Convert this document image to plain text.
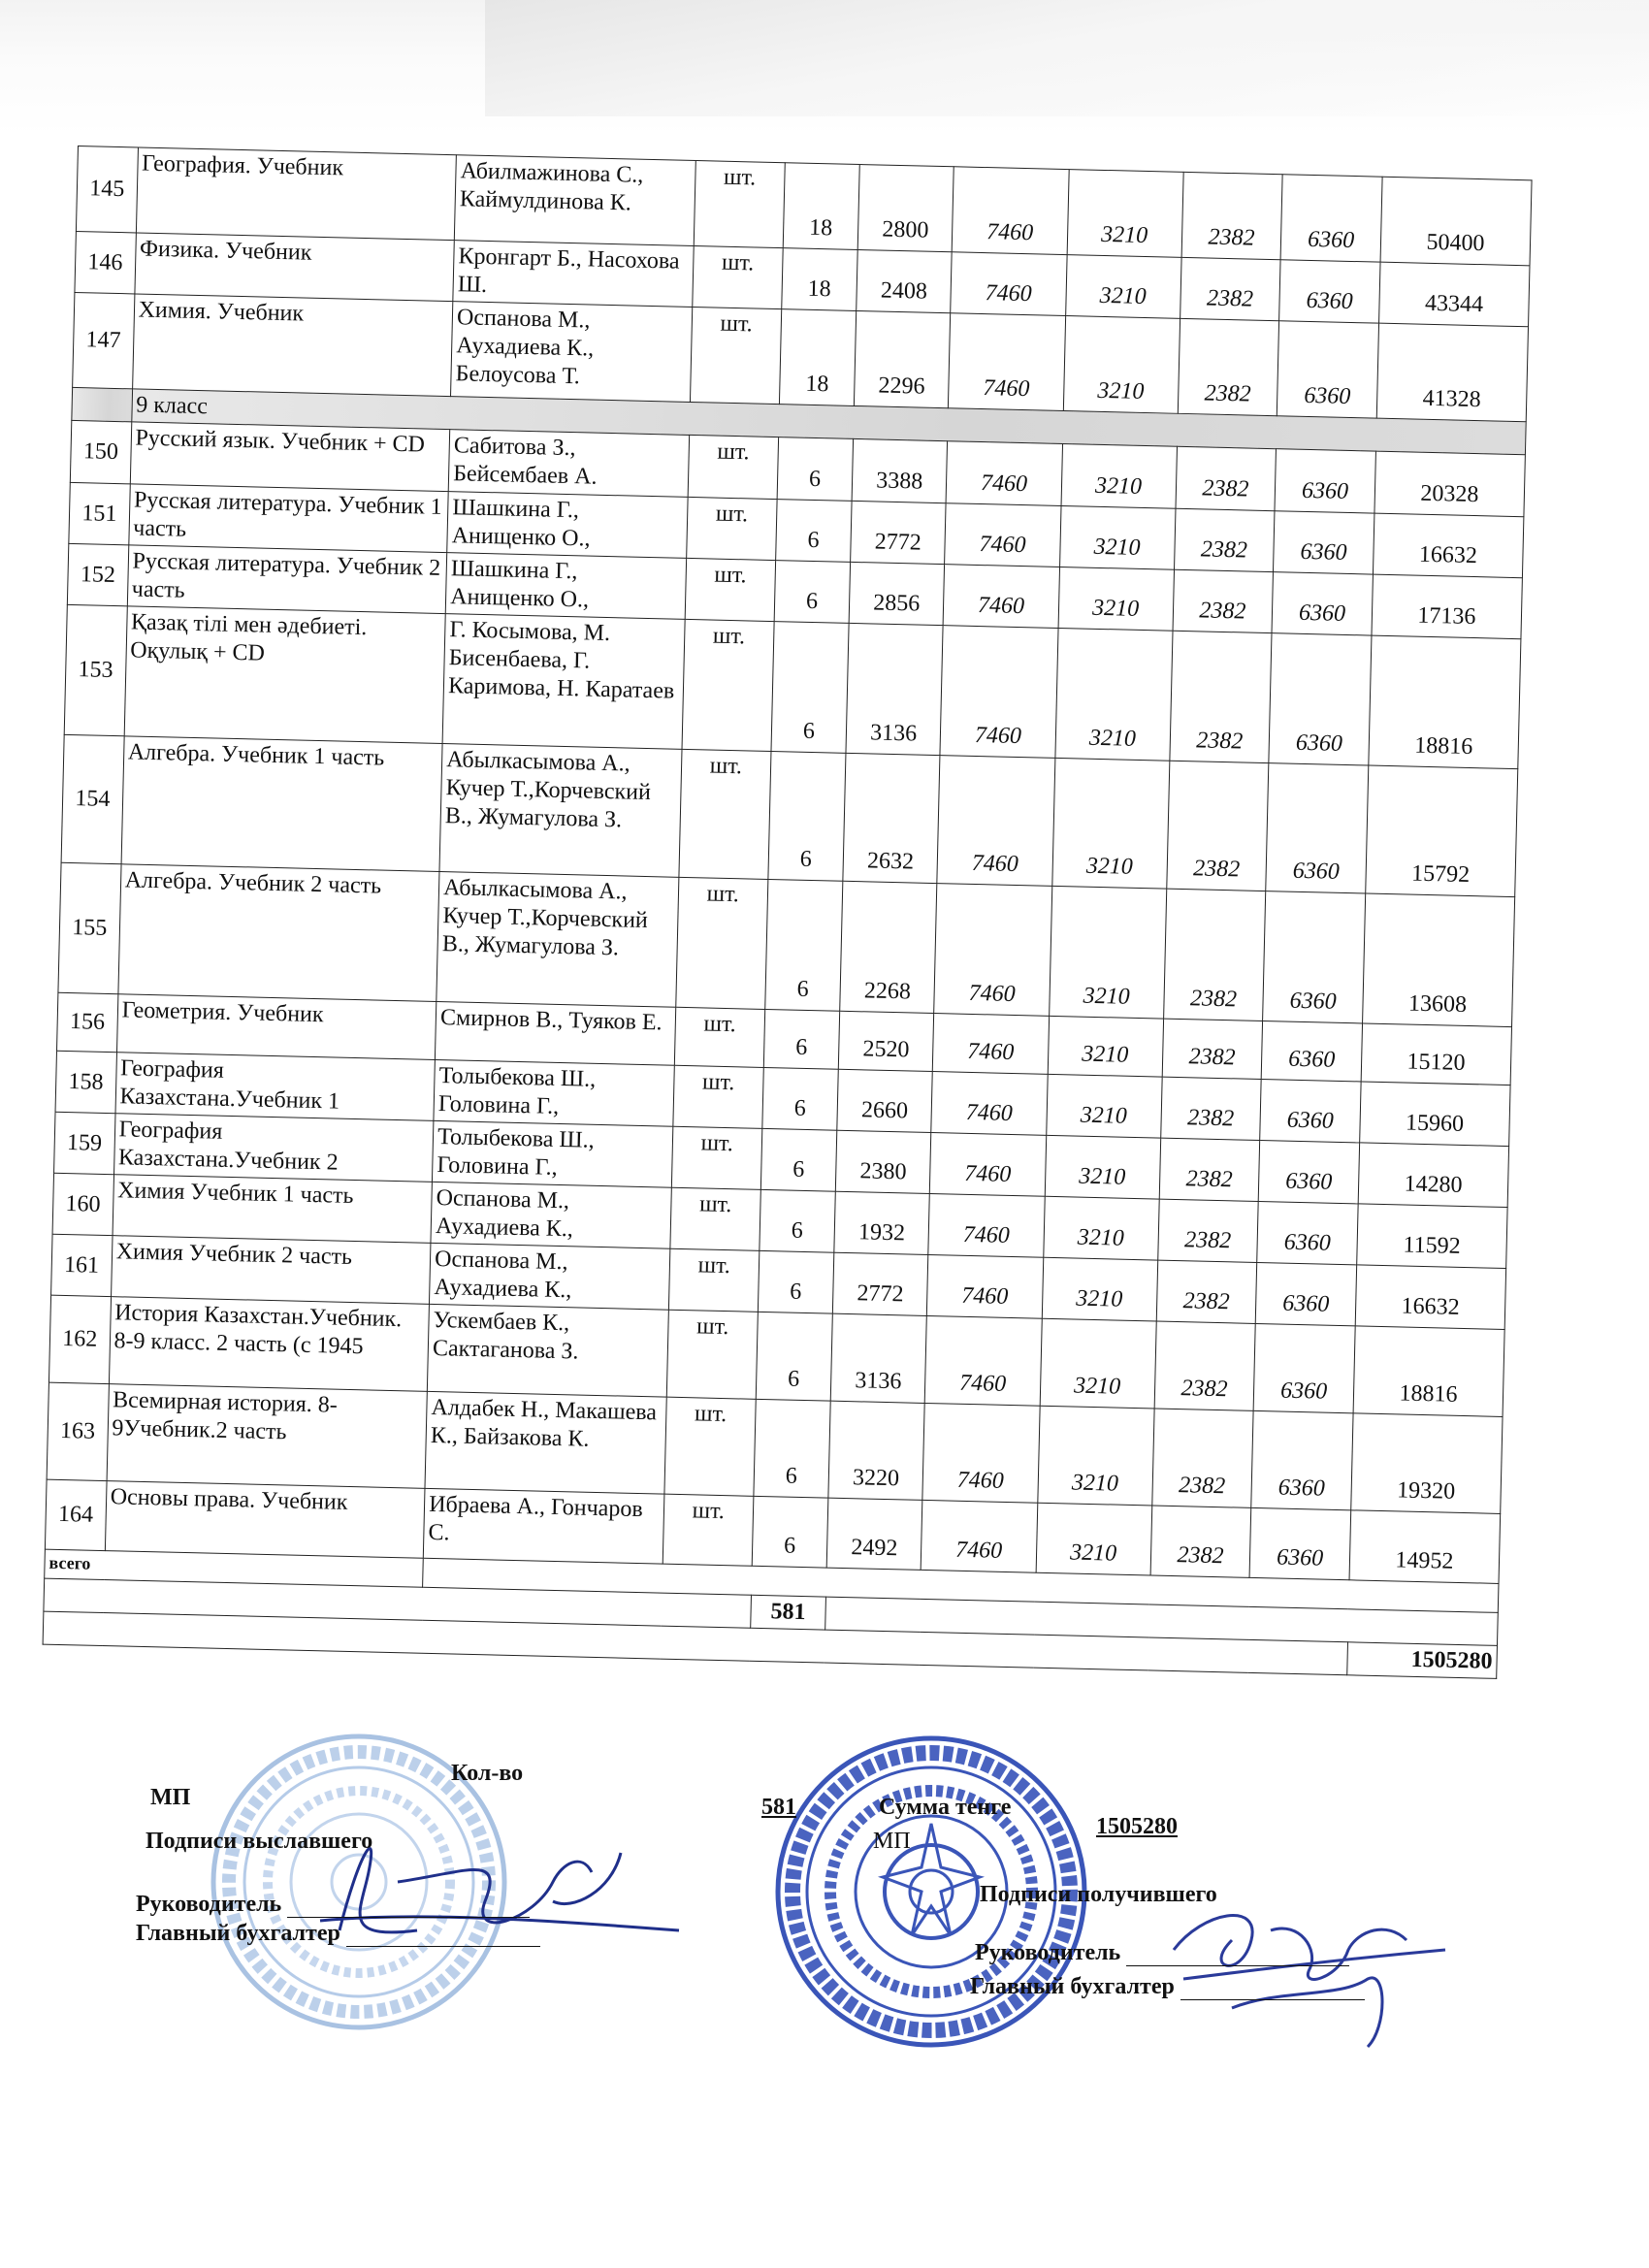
145	География. Учебник	Абилмажинова С., Каймулдинова К.	шт.	18	2800	7460	3210	2382	6360	50400
146	Физика. Учебник	Кронгарт Б., Насохова Ш.	шт.	18	2408	7460	3210	2382	6360	43344
147	Химия. Учебник	Оспанова М., Аухадиева К., Белоусова Т.	шт.	18	2296	7460	3210	2382	6360	41328
	9 класс									
150	Русский язык. Учебник + CD	Сабитова З., Бейсембаев А.	шт.	6	3388	7460	3210	2382	6360	20328
151	Русская литература. Учебник 1 часть	Шашкина Г., Анищенко О.,	шт.	6	2772	7460	3210	2382	6360	16632
152	Русская литература. Учебник 2 часть	Шашкина Г., Анищенко О.,	шт.	6	2856	7460	3210	2382	6360	17136
153	Қазақ тілі мен әдебиеті. Оқулық + CD	Г. Косымова, М. Бисенбаева, Г. Каримова, Н. Каратаев	шт.	6	3136	7460	3210	2382	6360	18816
154	Алгебра. Учебник 1 часть	Абылкасымова А., Кучер Т.,Корчевский В., Жумагулова З.	шт.	6	2632	7460	3210	2382	6360	15792
155	Алгебра. Учебник 2 часть	Абылкасымова А., Кучер Т.,Корчевский В., Жумагулова З.	шт.	6	2268	7460	3210	2382	6360	13608
156	Геометрия. Учебник	Смирнов В., Туяков Е.	шт.	6	2520	7460	3210	2382	6360	15120
158	География Казахстана.Учебник 1	Толыбекова Ш., Головина Г.,	шт.	6	2660	7460	3210	2382	6360	15960
159	География Казахстана.Учебник 2	Толыбекова Ш., Головина Г.,	шт.	6	2380	7460	3210	2382	6360	14280
160	Химия Учебник 1 часть	Оспанова М., Аухадиева К.,	шт.	6	1932	7460	3210	2382	6360	11592
161	Химия Учебник 2 часть	Оспанова М., Аухадиева К.,	шт.	6	2772	7460	3210	2382	6360	16632
162	История Казахстан.Учебник. 8-9 класс. 2 часть (с 1945	Ускембаев К., Сактаганова З.	шт.	6	3136	7460	3210	2382	6360	18816
163	Всемирная история. 8-9Учебник.2 часть	Алдабек Н., Макашева К., Байзакова К.	шт.	6	3220	7460	3210	2382	6360	19320
164	Основы права. Учебник	Ибраева А., Гончаров С.	шт.	6	2492	7460	3210	2382	6360	14952
всего										
				581						
										1505280
МП
Кол-во
581	Сумма тенге
1505280
МП
Подписи выславшего
Подписи получившего
Руководитель
Главный бухгалтер
Руководитель
Главный бухгалтер
